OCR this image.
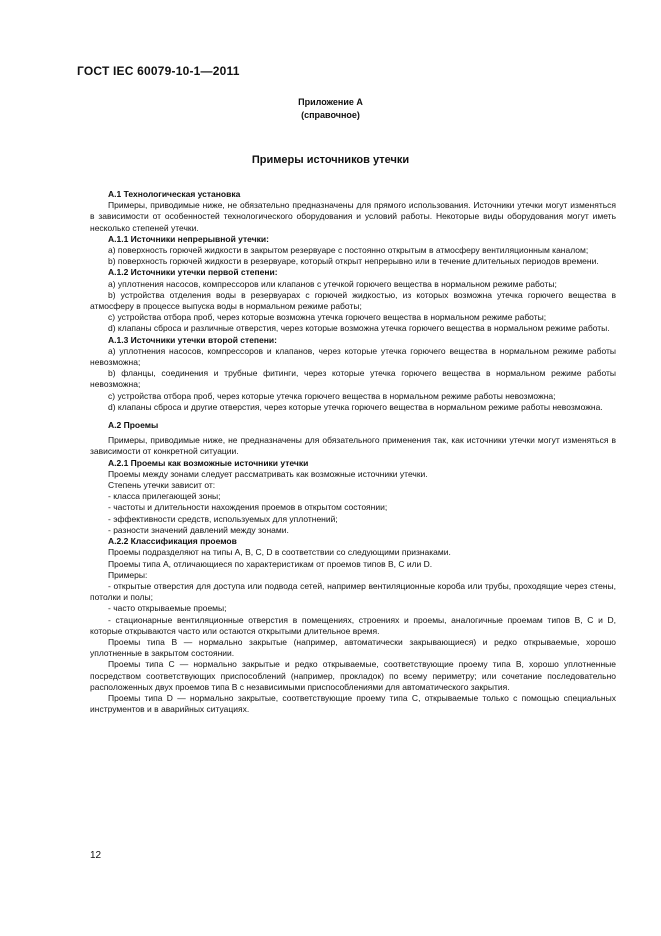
ГОСТ IEC 60079-10-1—2011
Приложение А
(справочное)
Примеры источников утечки

А.1 Технологическая установка

Примеры, приводимые ниже, не обязательно предназначены для прямого использования. Источники утечки могут изменяться в зависимости от особенностей технологического оборудования и условий работы. Некоторые виды оборудования могут иметь несколько степеней утечки.

А.1.1 Источники непрерывной утечки:

a) поверхность горючей жидкости в закрытом резервуаре с постоянно открытым в атмосферу вентиляционным каналом;

b) поверхность горючей жидкости в резервуаре, который открыт непрерывно или в течение длительных периодов времени.

А.1.2 Источники утечки первой степени:

a) уплотнения насосов, компрессоров или клапанов с утечкой горючего вещества в нормальном режиме работы;

b) устройства отделения воды в резервуарах с горючей жидкостью, из которых возможна утечка горючего вещества в атмосферу в процессе выпуска воды в нормальном режиме работы;

c) устройства отбора проб, через которые возможна утечка горючего вещества в нормальном режиме работы;

d) клапаны сброса и различные отверстия, через которые возможна утечка горючего вещества в нормальном режиме работы.

А.1.3 Источники утечки второй степени:

a) уплотнения насосов, компрессоров и клапанов, через которые утечка горючего вещества в нормальном режиме работы невозможна;

b) фланцы, соединения и трубные фитинги, через которые утечка горючего вещества в нормальном режиме работы невозможна;

c) устройства отбора проб, через которые утечка горючего вещества в нормальном режиме работы невозможна;

d) клапаны сброса и другие отверстия, через которые утечка горючего вещества в нормальном режиме работы невозможна.

А.2 Проемы

Примеры, приводимые ниже, не предназначены для обязательного применения так, как источники утечки могут изменяться в зависимости от конкретной ситуации.

А.2.1 Проемы как возможные источники утечки

Проемы между зонами следует рассматривать как возможные источники утечки.

Степень утечки зависит от:

- класса прилегающей зоны;

- частоты и длительности нахождения проемов в открытом состоянии;

- эффективности средств, используемых для уплотнений;

- разности значений давлений между зонами.

А.2.2 Классификация проемов

Проемы подразделяют на типы А, В, С, D в соответствии со следующими признаками.

Проемы типа А, отличающиеся по характеристикам от проемов типов В, С или D.

Примеры:

- открытые отверстия для доступа или подвода сетей, например вентиляционные короба или трубы, проходящие через стены, потолки и полы;

- часто открываемые проемы;

- стационарные вентиляционные отверстия в помещениях, строениях и проемы, аналогичные проемам типов В, С и D, которые открываются часто или остаются открытыми длительное время.

Проемы типа В — нормально закрытые (например, автоматически закрывающиеся) и редко открываемые, хорошо уплотненные в закрытом состоянии.

Проемы типа С — нормально закрытые и редко открываемые, соответствующие проему типа В, хорошо уплотненные посредством соответствующих приспособлений (например, прокладок) по всему периметру; или сочетание последовательно расположенных двух проемов типа В с независимыми приспособлениями для автоматического закрытия.

Проемы типа D — нормально закрытые, соответствующие проему типа С, открываемые только с помощью специальных инструментов и в аварийных ситуациях.

12
